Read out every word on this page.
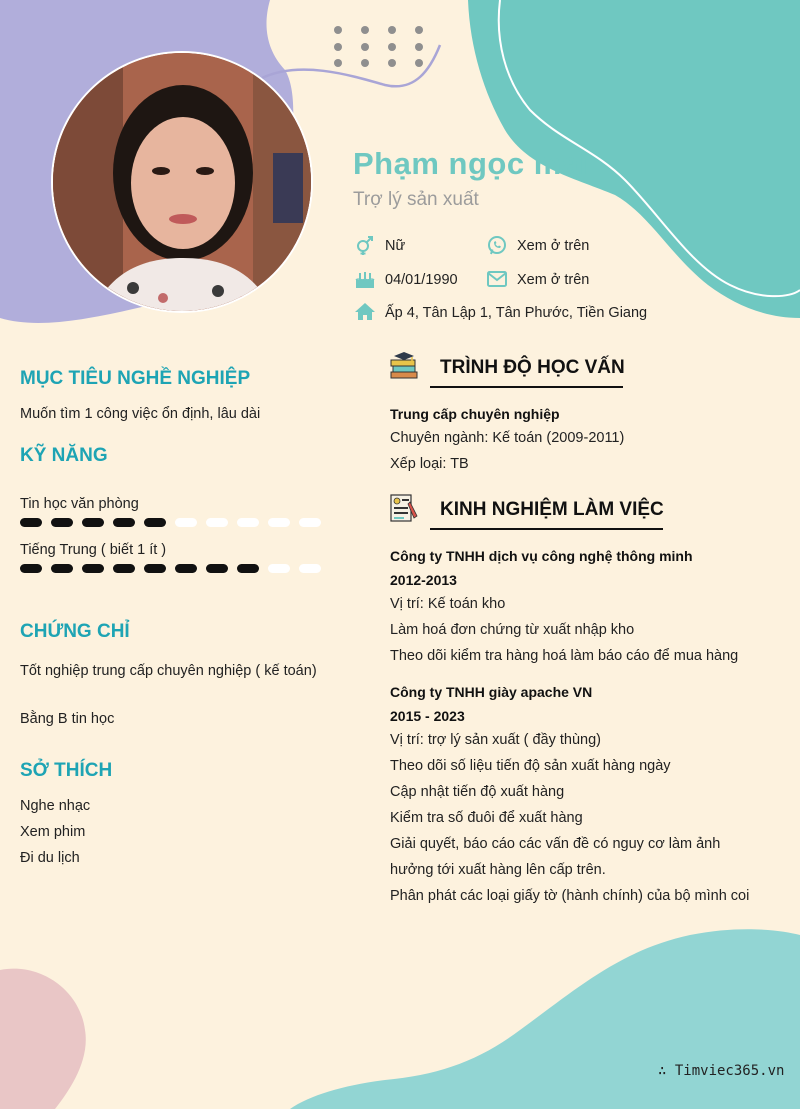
Phạm ngọc mai
Trợ lý sản xuất
Nữ	Xem ở trên
04/01/1990	Xem ở trên
Ấp 4, Tân Lập 1, Tân Phước, Tiền Giang
MỤC TIÊU NGHỀ NGHIỆP
Muốn tìm 1 công việc ổn định, lâu dài
KỸ NĂNG
Tin học văn phòng
Tiếng Trung ( biết 1 ít )
CHỨNG CHỈ
Tốt nghiệp trung cấp chuyên nghiệp ( kế toán)
Bằng B tin học
SỞ THÍCH
Nghe nhạc
Xem phim
Đi du lịch
TRÌNH ĐỘ HỌC VẤN
Trung cấp chuyên nghiệp
Chuyên ngành: Kế toán (2009-2011)
Xếp loại: TB
KINH NGHIỆM LÀM VIỆC
Công ty TNHH dịch vụ công nghệ thông minh
2012-2013
Vị trí: Kế toán kho
Làm hoá đơn chứng từ xuất nhập kho
Theo dõi kiểm tra hàng hoá làm báo cáo để mua hàng
Công ty TNHH giày apache VN
2015 - 2023
Vị trí: trợ lý sản xuất ( đầy thùng)
Theo dõi số liệu tiến độ sản xuất hàng ngày
Cập nhật tiến độ xuất hàng
Kiểm tra số đuôi để xuất hàng
Giải quyết, báo cáo các vấn đề có nguy cơ làm ảnh
hưởng tới xuất hàng lên cấp trên.
Phân phát các loại giấy tờ (hành chính) của bộ mình coi
∴ Timviec365.vn
